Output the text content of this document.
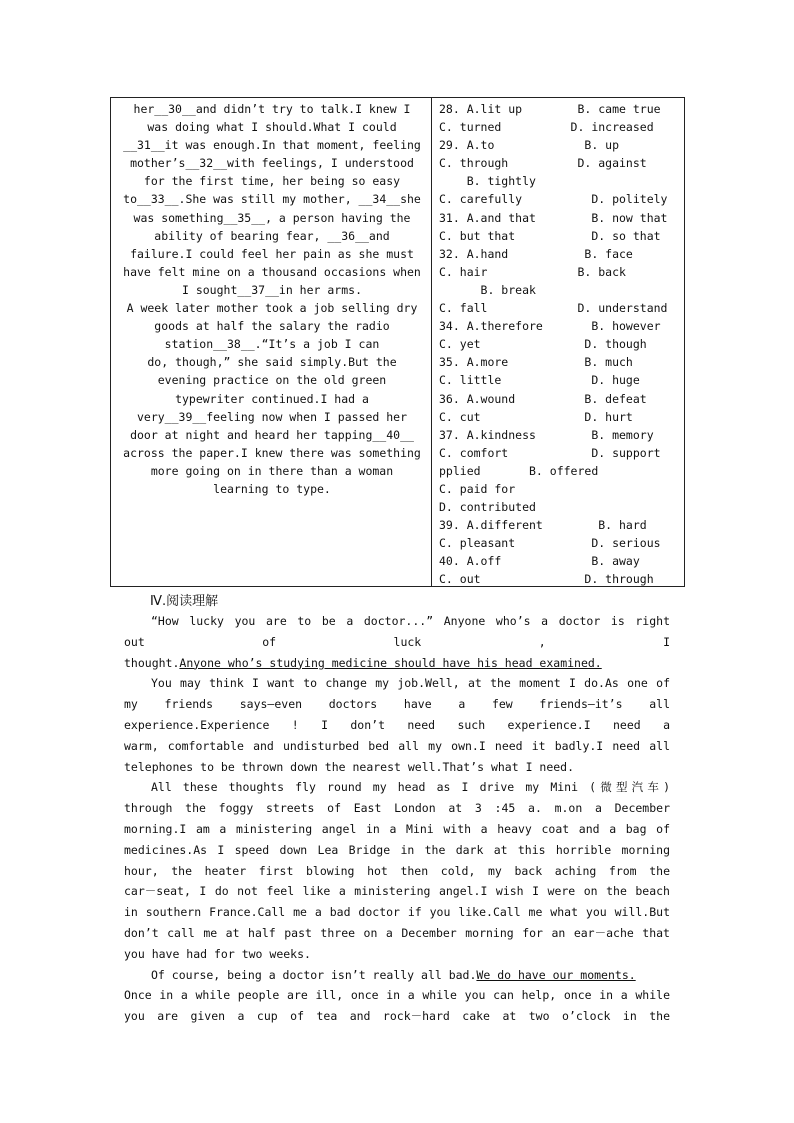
her__30__and didn’t try to talk.I knew I
was doing what I should.What I could
__31__it was enough.In that moment, feeling
mother’s__32__with feelings, I understood
for the first time, her being so easy
to__33__.She was still my mother, __34__she
was something__35__, a person having the
ability of bearing fear, __36__and
failure.I could feel her pain as she must
have felt mine on a thousand occasions when
I sought__37__in her arms.
A week later mother took a job selling dry
goods at half the salary the radio
station__38__.“It’s a job I can
do, though,” she said simply.But the
evening practice on the old green
typewriter continued.I had a
very__39__feeling now when I passed her
door at night and heard her tapping__40__
across the paper.I knew there was something
more going on in there than a woman
learning to type.
28. A.lit up        B. came true
C. turned          D. increased
29. A.to             B. up
C. through          D. against
B. tightly
C. carefully          D. politely
31. A.and that        B. now that
C. but that           D. so that
32. A.hand           B. face
C. hair             B. back
B. break
C. fall             D. understand
34. A.therefore       B. however
C. yet               D. though
35. A.more           B. much
C. little             D. huge
36. A.wound          B. defeat
C. cut               D. hurt
37. A.kindness        B. memory
C. comfort            D. support
pplied       B. offered
C. paid for
D. contributed
39. A.different        B. hard
C. pleasant           D. serious
40. A.off             B. away
C. out               D. through
Ⅳ.阅读理解
“How lucky you are to be a doctor...” Anyone who’s a doctor is right
out of luck , I
thought.Anyone who’s studying medicine should have his head examined.
You may think I want to change my job.Well, at the moment I do.As one of
my friends says—even doctors have a few friends—it’s all
experience.Experience ! I don’t need such experience.I need a
warm, comfortable and undisturbed bed all my own.I need it badly.I need all
telephones to be thrown down the nearest well.That’s what I need.
All these thoughts fly round my head as I drive my Mini (微型汽车)
through the foggy streets of East London at 3 :45 a. m.on a December
morning.I am a ministering angel in a Mini with a heavy coat and a bag of
medicines.As I speed down Lea Bridge in the dark at this horrible morning
hour, the heater first blowing hot then cold, my back aching from the
car－seat, I do not feel like a ministering angel.I wish I were on the beach
in southern France.Call me a bad doctor if you like.Call me what you will.But
don’t call me at half past three on a December morning for an ear－ache that
you have had for two weeks.
Of course, being a doctor isn’t really all bad.We do have our moments.
Once in a while people are ill, once in a while you can help, once in a while
you are given a cup of tea and rock－hard cake at two o’clock in the
